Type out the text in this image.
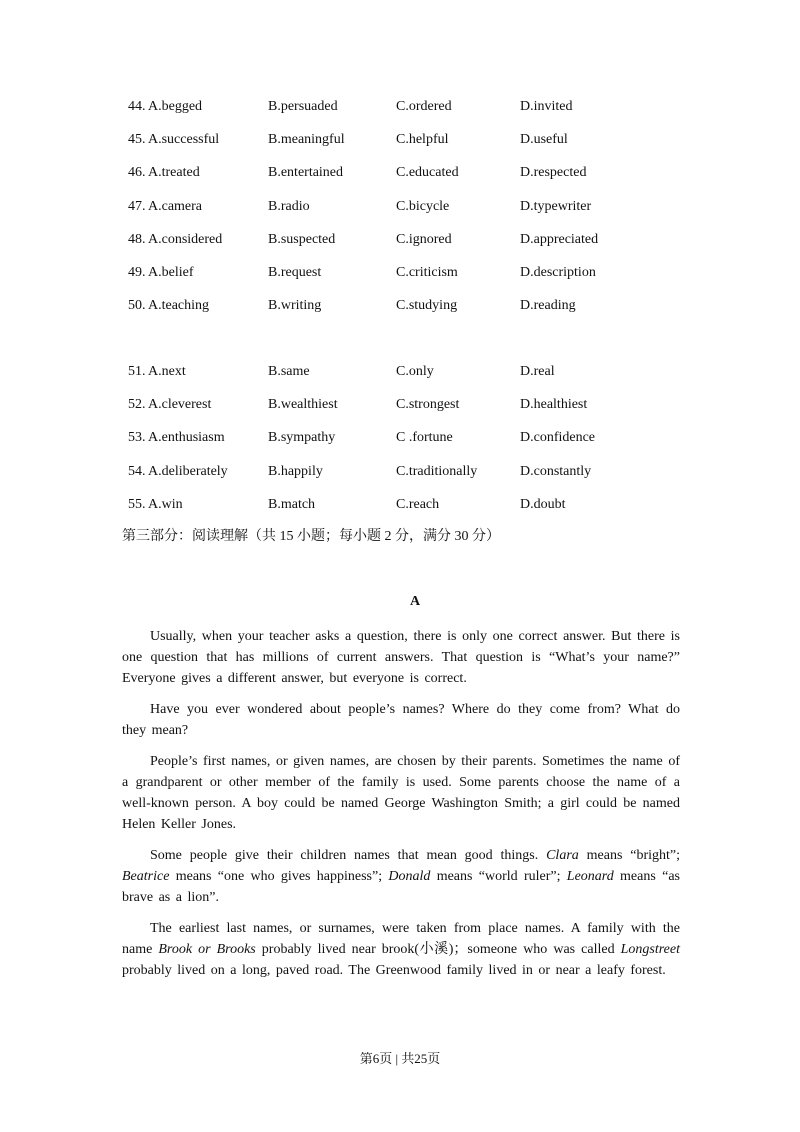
44. A.begged	B.persuaded	C.ordered	D.invited
45. A.successful	B.meaningful	C.helpful	D.useful
46. A.treated	B.entertained	C.educated	D.respected
47. A.camera	B.radio	C.bicycle	D.typewriter
48. A.considered	B.suspected	C.ignored	D.appreciated
49. A.belief	B.request	C.criticism	D.description
50. A.teaching	B.writing	C.studying	D.reading
51. A.next	B.same	C.only	D.real
52. A.cleverest	B.wealthiest	C.strongest	D.healthiest
53. A.enthusiasm	B.sympathy	C .fortune	D.confidence
54. A.deliberately	B.happily	C.traditionally	D.constantly
55. A.win	B.match	C.reach	D.doubt
第三部分：阅读理解（共 15 小题；每小题 2 分，满分 30 分）
A

Usually, when your teacher asks a question, there is only one correct answer. But there is one question that has millions of current answers. That question is “What’s your name?” Everyone gives a different answer, but everyone is correct.

Have you ever wondered about people’s names? Where do they come from? What do they mean?

People’s first names, or given names, are chosen by their parents. Sometimes the name of a grandparent or other member of the family is used. Some parents choose the name of a well-known person. A boy could be named George Washington Smith; a girl could be named Helen Keller Jones.

Some people give their children names that mean good things. Clara means “bright”; Beatrice means “one who gives happiness”; Donald means “world ruler”; Leonard means “as brave as a lion”.

The earliest last names, or surnames, were taken from place names. A family with the name Brook or Brooks probably lived near brook(小溪)；someone who was called Longstreet probably lived on a long, paved road. The Greenwood family lived in or near a leafy forest.

第6页 | 共25页
